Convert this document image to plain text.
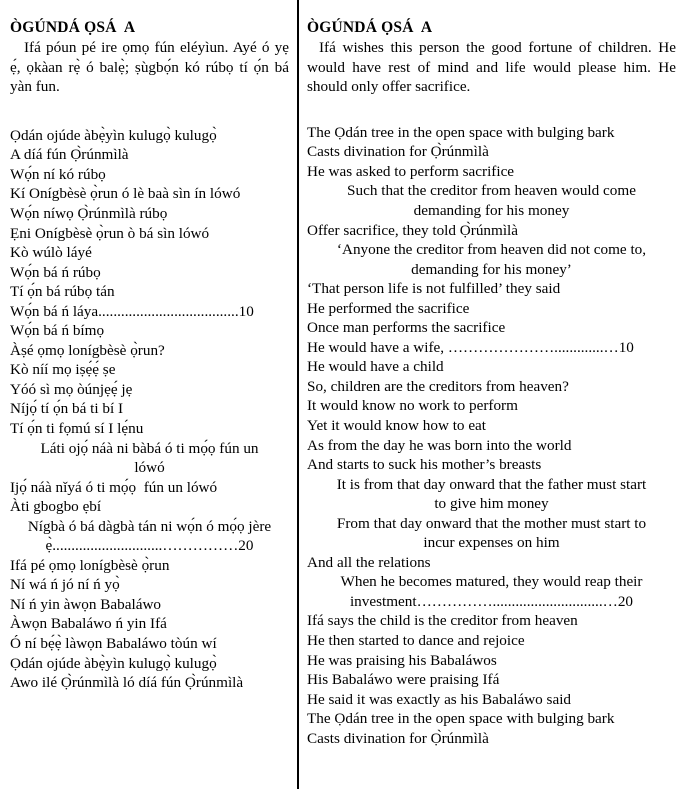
ÒGÚNDÁ ỌSÁ  A

Ifá póun pé ire ọmọ fún eléyìun. Ayé ó yẹ ẹ́, ọkàan rẹ̀ ó balẹ̀; ṣùgbọ́n kó rúbọ tí ọ́n bá yàn fun.

Ọdán ojúde àbẹ̀yìn kulugọ̀ kulugọ̀
A díá fún Ọ̀rúnmìlà
Wọ́n ní kó rúbọ
Kí Onígbèsè ọ̀run ó lè baà sìn ín lówó
Wọ́n níwọ Ọ̀rúnmìlà rúbọ
Ẹni Onígbèsè ọ̀run ò bá sìn lówó
Kò wúlò láyé
Wọ́n bá ń rúbọ
Tí ọ́n bá rúbọ tán
Wọ́n bá ń láya.....................................10
Wọ́n bá ń bímọ
Àṣé ọmọ lonígbèsè ọ̀run?
Kò níí mọ iṣẹ́ẹ́ ṣe
Yóó sì mọ òúnjẹẹ́ jẹ
Níjọ́ tí ọ́n bá ti bí I
Tí ọ́n ti fọmú sí I lẹ́nu
Láti ojọ́ náà ni bàbá ó ti mọ́ọ fún un
lówó
Ijọ́ náà nǐyá ó ti mọ́ọ  fún un lówó
Àti gbogbo ẹbí
Nígbà ó bá dàgbà tán ni wọ́n ó mọ́ọ jère
ẹ̀.............................……………20
Ifá pé ọmọ lonígbèsè ọ̀run
Ní wá ń jó ní ń yọ̀
Ní ń yin àwọn Babaláwo
Àwọn Babaláwo ń yin Ifá
Ó ní bẹ́ẹ̀ làwọn Babaláwo tòún wí
Ọdán ojúde àbẹ̀yìn kulugọ̀ kulugọ̀
Awo ilé Ọ̀rúnmìlà ló díá fún Ọ̀rúnmìlà
ÒGÚNDÁ ỌSÁ  A

Ifá wishes this person the good fortune of children. He would have rest of mind and life would please him. He should only offer sacrifice.

The Ọdán tree in the open space with bulging bark
Casts divination for Ọ̀rúnmìlà
He was asked to perform sacrifice
Such that the creditor from heaven would come
demanding for his money
Offer sacrifice, they told Ọ̀rúnmìlà
‘Anyone the creditor from heaven did not come to,
demanding for his money’
‘That person life is not fulfilled’ they said
He performed the sacrifice
Once man performs the sacrifice
He would have a wife, ………………….............…10
He would have a child
So, children are the creditors from heaven?
It would know no work to perform
Yet it would know how to eat
As from the day he was born into the world
And starts to suck his mother’s breasts
It is from that day onward that the father must start
to give him money
From that day onward that the mother must start to
incur expenses on him
And all the relations
When he becomes matured, they would reap their
investment…………….............................…20
Ifá says the child is the creditor from heaven
He then started to dance and rejoice
He was praising his Babaláwos
His Babaláwo were praising Ifá
He said it was exactly as his Babaláwo said
The Ọdán tree in the open space with bulging bark
Casts divination for Ọ̀rúnmìlà
